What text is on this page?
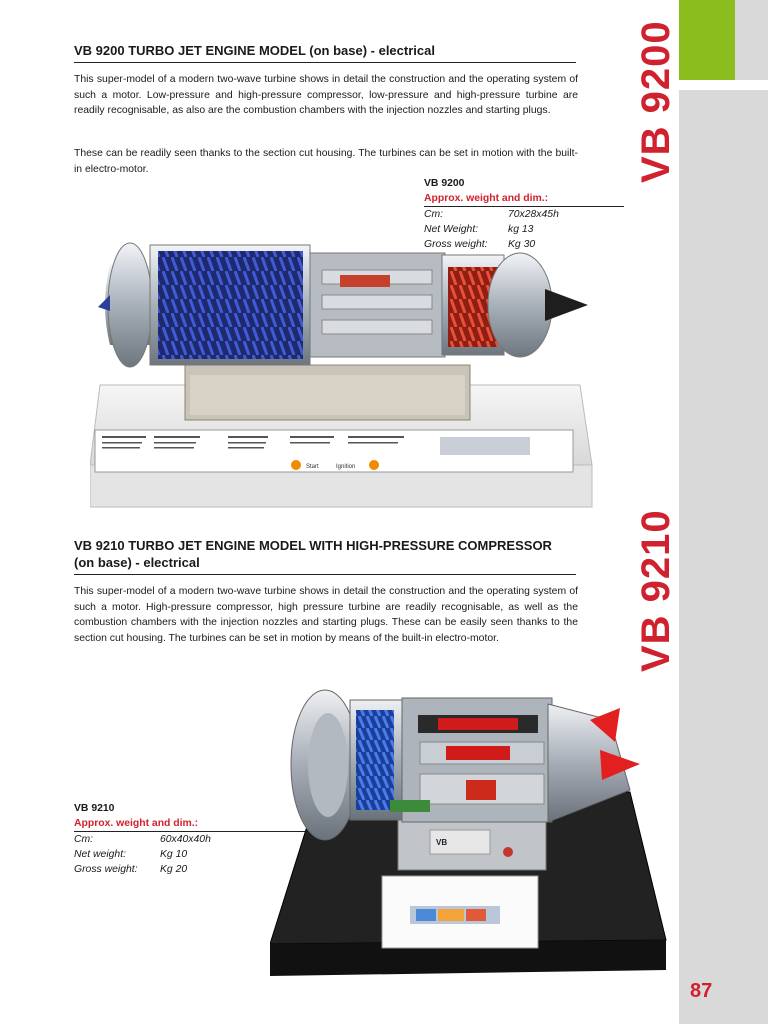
VB 9200
VB 9210
87
VB 9200 TURBO JET ENGINE MODEL (on base) - electrical

This super-model of a modern two-wave turbine shows in detail the construction and the operating system of such a motor. Low-pressure and high-pressure compressor, low-pressure and high-pressure turbine are readily recognisable, as also are the combustion chambers with the injection nozzles and starting plugs.

These can be readily seen thanks to the section cut housing. The turbines can be set in motion with the built-in electro-motor.

VB 9200
Approx. weight and dim.:
Cm:	70x28x45h
Net Weight:	kg 13
Gross weight:	Kg 30
Start	Ignition
VB 9210 TURBO JET ENGINE MODEL WITH HIGH-PRESSURE COMPRESSOR
(on base) - electrical

This super-model of a modern two-wave turbine shows in detail the construction and the operating system of such a motor. High-pressure compressor, high pressure turbine are readily recognisable, as well as the combustion chambers with the injection nozzles and starting plugs. These can be easily seen thanks to the section cut housing. The turbines can be set in motion by means of the built-in electro-motor.

VB 9210
Approx. weight and dim.:
Cm:	60x40x40h
Net weight:	Kg 10
Gross weight:	Kg 20
VB
